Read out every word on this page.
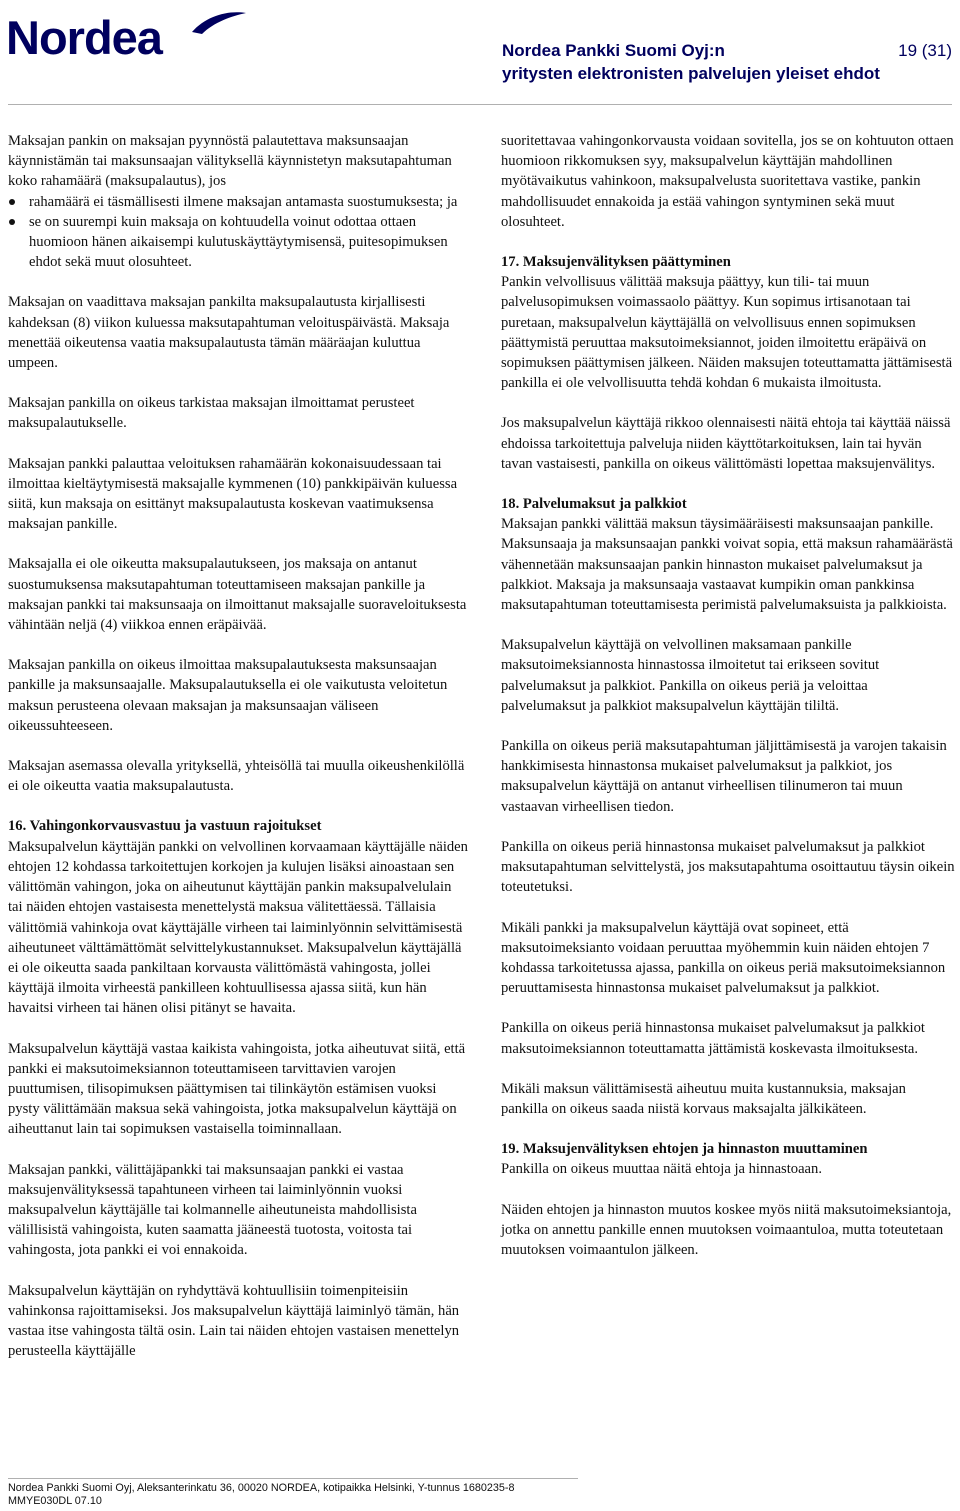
Nordea	Nordea Pankki Suomi Oyj:n	19 (31)
yritysten elektronisten palvelujen yleiset ehdot

Maksajan pankin on maksajan pyynnöstä palautettava maksunsaajan käynnistämän tai maksunsaajan välityksellä käynnistetyn maksutapahtuman koko rahamäärä (maksupalautus), jos

rahamäärä ei täsmällisesti ilmene maksajan antamasta suostumuksesta; ja
se on suurempi kuin maksaja on kohtuudella voinut odottaa ottaen huomioon hänen aikaisempi kulutuskäyttäytymisensä, puitesopimuksen ehdot sekä muut olosuhteet.

Maksajan on vaadittava maksajan pankilta maksupalautusta kirjallisesti kahdeksan (8) viikon kuluessa maksutapahtuman veloituspäivästä. Maksaja menettää oikeutensa vaatia maksupalautusta tämän määräajan kuluttua umpeen.

Maksajan pankilla on oikeus tarkistaa maksajan ilmoittamat perusteet maksupalautukselle.

Maksajan pankki palauttaa veloituksen rahamäärän kokonaisuudessaan tai ilmoittaa kieltäytymisestä maksajalle kymmenen (10) pankkipäivän kuluessa siitä, kun maksaja on esittänyt maksupalautusta koskevan vaatimuksensa maksajan pankille.

Maksajalla ei ole oikeutta maksupalautukseen, jos maksaja on antanut suostumuksensa maksutapahtuman toteuttamiseen maksajan pankille ja maksajan pankki tai maksunsaaja on ilmoittanut maksajalle suoraveloituksesta vähintään neljä (4) viikkoa ennen eräpäivää.

Maksajan pankilla on oikeus ilmoittaa maksupalautuksesta maksunsaajan pankille ja maksunsaajalle. Maksupalautuksella ei ole vaikutusta veloitetun maksun perusteena olevaan maksajan ja maksunsaajan väliseen oikeussuhteeseen.

Maksajan asemassa olevalla yrityksellä, yhteisöllä tai muulla oikeushenkilöllä ei ole oikeutta vaatia maksupalautusta.

16. Vahingonkorvausvastuu ja vastuun rajoitukset

Maksupalvelun käyttäjän pankki on velvollinen korvaamaan käyttäjälle näiden ehtojen 12 kohdassa tarkoitettujen korkojen ja kulujen lisäksi ainoastaan sen välittömän vahingon, joka on aiheutunut käyttäjän pankin maksupalvelulain tai näiden ehtojen vastaisesta menettelystä maksua välitettäessä. Tällaisia välittömiä vahinkoja ovat käyttäjälle virheen tai laiminlyönnin selvittämisestä aiheutuneet välttämättömät selvittelykustannukset. Maksupalvelun käyttäjällä ei ole oikeutta saada pankiltaan korvausta välittömästä vahingosta, jollei käyttäjä ilmoita virheestä pankilleen kohtuullisessa ajassa siitä, kun hän havaitsi virheen tai hänen olisi pitänyt se havaita.

Maksupalvelun käyttäjä vastaa kaikista vahingoista, jotka aiheutuvat siitä, että pankki ei maksutoimeksiannon toteuttamiseen tarvittavien varojen puuttumisen, tilisopimuksen päättymisen tai tilinkäytön estämisen vuoksi pysty välittämään maksua sekä vahingoista, jotka maksupalvelun käyttäjä on aiheuttanut lain tai sopimuksen vastaisella toiminnallaan.

Maksajan pankki, välittäjäpankki tai maksunsaajan pankki ei vastaa maksujenvälityksessä tapahtuneen virheen tai laiminlyönnin vuoksi maksupalvelun käyttäjälle tai kolmannelle aiheutuneista mahdollisista välillisistä vahingoista, kuten saamatta jääneestä tuotosta, voitosta tai vahingosta, jota pankki ei voi ennakoida.

Maksupalvelun käyttäjän on ryhdyttävä kohtuullisiin toimenpiteisiin vahinkonsa rajoittamiseksi. Jos maksupalvelun käyttäjä laiminlyö tämän, hän vastaa itse vahingosta tältä osin. Lain tai näiden ehtojen vastaisen menettelyn perusteella käyttäjälle

suoritettavaa vahingonkorvausta voidaan sovitella, jos se on kohtuuton ottaen huomioon rikkomuksen syy, maksupalvelun käyttäjän mahdollinen myötävaikutus vahinkoon, maksupalvelusta suoritettava vastike, pankin mahdollisuudet ennakoida ja estää vahingon syntyminen sekä muut olosuhteet.

17. Maksujenvälityksen päättyminen

Pankin velvollisuus välittää maksuja päättyy, kun tili- tai muun palvelusopimuksen voimassaolo päättyy. Kun sopimus irtisanotaan tai puretaan, maksupalvelun käyttäjällä on velvollisuus ennen sopimuksen päättymistä peruuttaa maksutoimeksiannot, joiden ilmoitettu eräpäivä on sopimuksen päättymisen jälkeen. Näiden maksujen toteuttamatta jättämisestä pankilla ei ole velvollisuutta tehdä kohdan 6 mukaista ilmoitusta.

Jos maksupalvelun käyttäjä rikkoo olennaisesti näitä ehtoja tai käyttää näissä ehdoissa tarkoitettuja palveluja niiden käyttötarkoituksen, lain tai hyvän tavan vastaisesti, pankilla on oikeus välittömästi lopettaa maksujenvälitys.

18. Palvelumaksut ja palkkiot

Maksajan pankki välittää maksun täysimääräisesti maksunsaajan pankille. Maksunsaaja ja maksunsaajan pankki voivat sopia, että maksun rahamäärästä vähennetään maksunsaajan pankin hinnaston mukaiset palvelumaksut ja palkkiot. Maksaja ja maksunsaaja vastaavat kumpikin oman pankkinsa maksutapahtuman toteuttamisesta perimistä palvelumaksuista ja palkkioista.

Maksupalvelun käyttäjä on velvollinen maksamaan pankille maksutoimeksiannosta hinnastossa ilmoitetut tai erikseen sovitut palvelumaksut ja palkkiot. Pankilla on oikeus periä ja veloittaa palvelumaksut ja palkkiot maksupalvelun käyttäjän tililtä.

Pankilla on oikeus periä maksutapahtuman jäljittämisestä ja varojen takaisin hankkimisesta hinnastonsa mukaiset palvelumaksut ja palkkiot, jos maksupalvelun käyttäjä on antanut virheellisen tilinumeron tai muun vastaavan virheellisen tiedon.

Pankilla on oikeus periä hinnastonsa mukaiset palvelumaksut ja palkkiot maksutapahtuman selvittelystä, jos maksutapahtuma osoittautuu täysin oikein toteutetuksi.

Mikäli pankki ja maksupalvelun käyttäjä ovat sopineet, että maksutoimeksianto voidaan peruuttaa myöhemmin kuin näiden ehtojen 7 kohdassa tarkoitetussa ajassa, pankilla on oikeus periä maksutoimeksiannon peruuttamisesta hinnastonsa mukaiset palvelumaksut ja palkkiot.

Pankilla on oikeus periä hinnastonsa mukaiset palvelumaksut ja palkkiot maksutoimeksiannon toteuttamatta jättämistä koskevasta ilmoituksesta.

Mikäli maksun välittämisestä aiheutuu muita kustannuksia, maksajan pankilla on oikeus saada niistä korvaus maksajalta jälkikäteen.

19. Maksujenvälityksen ehtojen ja hinnaston muuttaminen

Pankilla on oikeus muuttaa näitä ehtoja ja hinnastoaan.

Näiden ehtojen ja hinnaston muutos koskee myös niitä maksutoimeksiantoja, jotka on annettu pankille ennen muutoksen voimaantuloa, mutta toteutetaan muutoksen voimaantulon jälkeen.

Nordea Pankki Suomi Oyj, Aleksanterinkatu 36, 00020 NORDEA, kotipaikka Helsinki, Y-tunnus 1680235-8
MMYE030DL 07.10
